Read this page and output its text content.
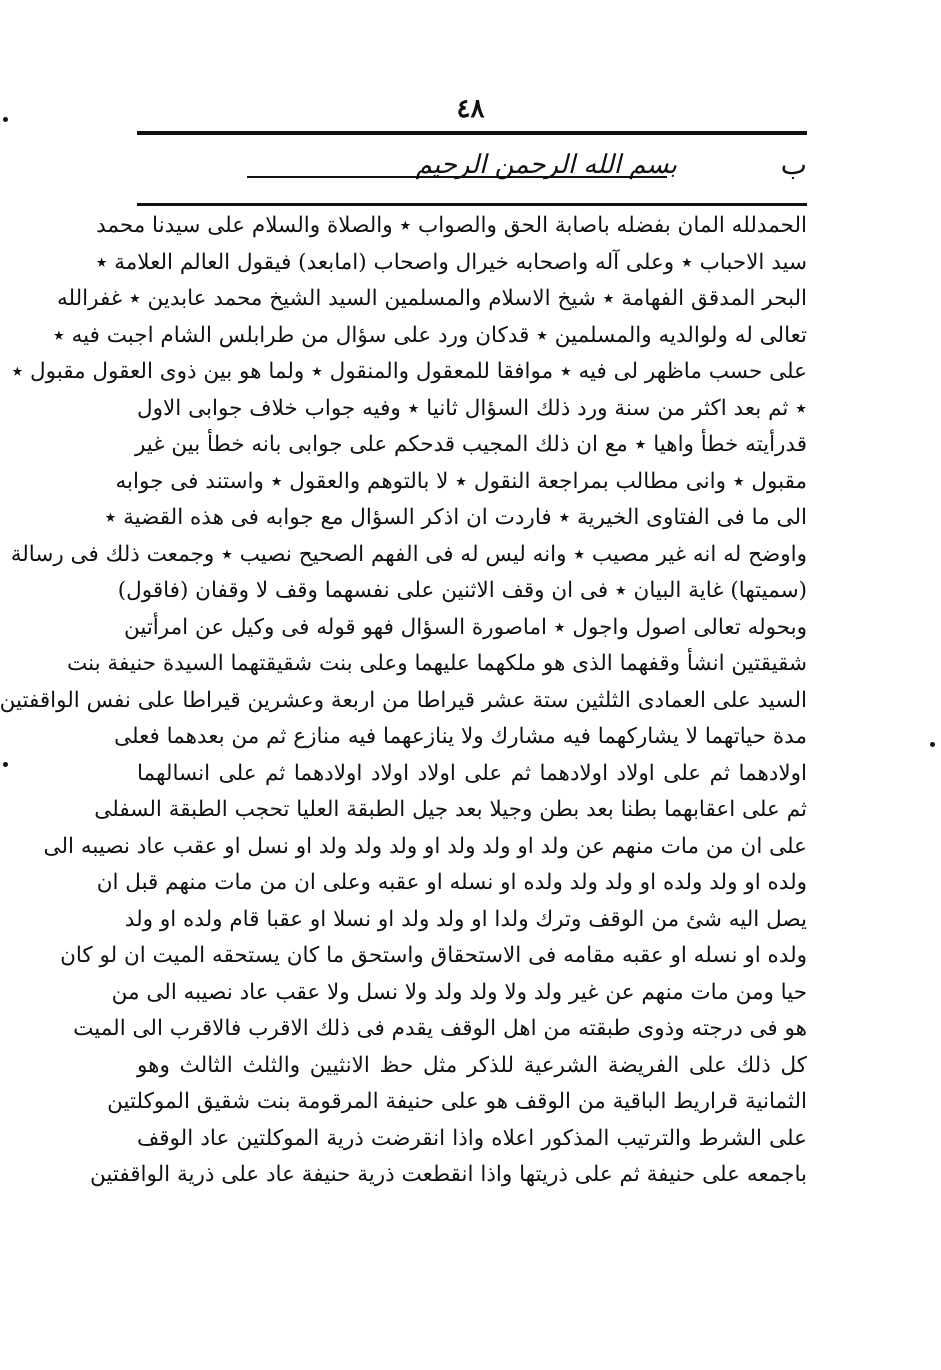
٤٨
ب
بسم الله الرحمن الرحيم
الحمدلله المان بفضله باصابة الحق والصواب ٭ والصلاة والسلام على سيدنا محمد
سيد الاحباب ٭ وعلى آله واصحابه خيرال واصحاب (امابعد) فيقول العالم العلامة ٭
البحر المدقق الفهامة ٭ شيخ الاسلام والمسلمين السيد الشيخ محمد عابدين ٭ غفرالله
تعالى له ولوالديه والمسلمين ٭ قدكان ورد على سؤال من طرابلس الشام اجبت فيه ٭
على حسب ماظهر لى فيه ٭ موافقا للمعقول والمنقول ٭ ولما هو بين ذوى العقول مقبول ٭
٭ ثم بعد اكثر من سنة ورد ذلك السؤال ثانيا ٭ وفيه جواب خلاف جوابى الاول
قدرأيته خطأ واهيا ٭ مع ان ذلك المجيب قدحكم على جوابى بانه خطأ بين غير
مقبول ٭ وانى مطالب بمراجعة النقول ٭ لا بالتوهم والعقول ٭ واستند فى جوابه
الى ما فى الفتاوى الخيرية ٭ فاردت ان اذكر السؤال مع جوابه فى هذه القضية ٭
واوضح له انه غير مصيب ٭ وانه ليس له فى الفهم الصحيح نصيب ٭ وجمعت ذلك فى رسالة
(سميتها) غاية البيان ٭ فى ان وقف الاثنين على نفسهما وقف لا وقفان (فاقول)
وبحوله تعالى اصول واجول ٭ اماصورة السؤال فهو قوله فى وكيل عن امرأتين
شقيقتين انشأ وقفهما الذى هو ملكهما عليهما وعلى بنت شقيقتهما السيدة حنيفة بنت
السيد على العمادى الثلثين ستة عشر قيراطا من اربعة وعشرين قيراطا على نفس الواقفتين
مدة حياتهما لا يشاركهما فيه مشارك ولا ينازعهما فيه منازع ثم من بعدهما فعلى
اولادهما ثم على اولاد اولادهما ثم على اولاد اولاد اولادهما ثم على انسالهما
ثم على اعقابهما بطنا بعد بطن وجيلا بعد جيل الطبقة العليا تحجب الطبقة السفلى
على ان من مات منهم عن ولد او ولد ولد او ولد ولد ولد او نسل او عقب عاد نصيبه الى
ولده او ولد ولده او ولد ولد ولده او نسله او عقبه وعلى ان من مات منهم قبل ان
يصل اليه شئ من الوقف وترك ولدا او ولد ولد او نسلا او عقبا قام ولده او ولد
ولده او نسله او عقبه مقامه فى الاستحقاق واستحق ما كان يستحقه الميت ان لو كان
حيا ومن مات منهم عن غير ولد ولا ولد ولد ولا نسل ولا عقب عاد نصيبه الى من
هو فى درجته وذوى طبقته من اهل الوقف يقدم فى ذلك الاقرب فالاقرب الى الميت
كل ذلك على الفريضة الشرعية للذكر مثل حظ الانثيين والثلث الثالث وهو
الثمانية قراريط الباقية من الوقف هو على حنيفة المرقومة بنت شقيق الموكلتين
على الشرط والترتيب المذكور اعلاه واذا انقرضت ذرية الموكلتين عاد الوقف
باجمعه على حنيفة ثم على ذريتها واذا انقطعت ذرية حنيفة عاد على ذرية الواقفتين
